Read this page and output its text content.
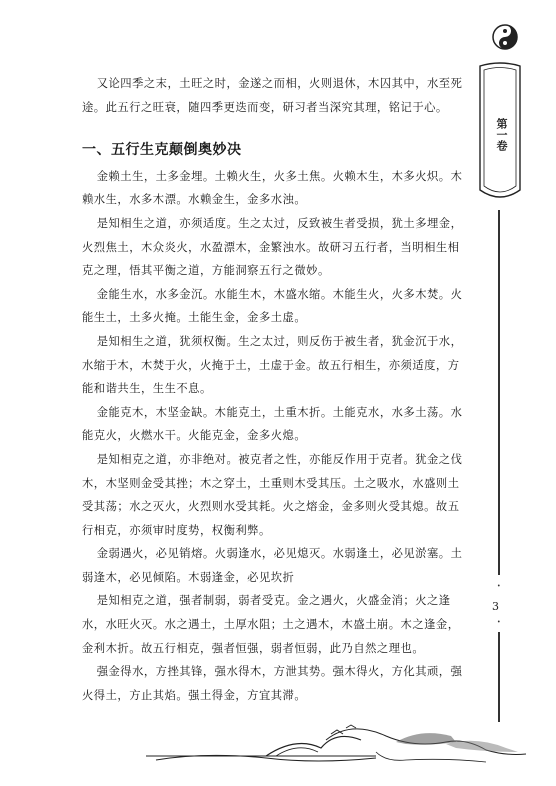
第一卷
•
3
•

又论四季之末，土旺之时，金遂之而相，火则退休，木囚其中，水至死途。此五行之旺衰，随四季更迭而变，研习者当深究其理，铭记于心。

一、五行生克颠倒奥妙决

金赖土生，土多金埋。土赖火生，火多土焦。火赖木生，木多火炽。木赖水生，水多木漂。水赖金生，金多水浊。

是知相生之道，亦须适度。生之太过，反致被生者受损，犹土多埋金，火烈焦土，木众炎火，水盈漂木，金繁浊水。故研习五行者，当明相生相克之理，悟其平衡之道，方能洞察五行之微妙。

金能生水，水多金沉。水能生木，木盛水缩。木能生火，火多木焚。火能生土，土多火掩。土能生金，金多土虚。

是知相生之道，犹须权衡。生之太过，则反伤于被生者，犹金沉于水，水缩于木，木焚于火，火掩于土，土虚于金。故五行相生，亦须适度，方能和谐共生，生生不息。

金能克木，木坚金缺。木能克土，土重木折。土能克水，水多土荡。水能克火，火燃水干。火能克金，金多火熄。

是知相克之道，亦非绝对。被克者之性，亦能反作用于克者。犹金之伐木，木坚则金受其挫；木之穿土，土重则木受其压。土之吸水，水盛则土受其荡；水之灭火，火烈则水受其耗。火之熔金，金多则火受其熄。故五行相克，亦须审时度势，权衡利弊。

金弱遇火，必见销熔。火弱逢水，必见熄灭。水弱逢土，必见淤塞。土弱逢木，必见倾陷。木弱逢金，必见坎折

是知相克之道，强者制弱，弱者受克。金之遇火，火盛金消；火之逢水，水旺火灭。水之遇土，土厚水阻；土之遇木，木盛土崩。木之逢金，金利木折。故五行相克，强者恒强，弱者恒弱，此乃自然之理也。

强金得水，方挫其锋，强水得木，方泄其势。强木得火，方化其顽，强火得土，方止其焰。强土得金，方宜其滞。
